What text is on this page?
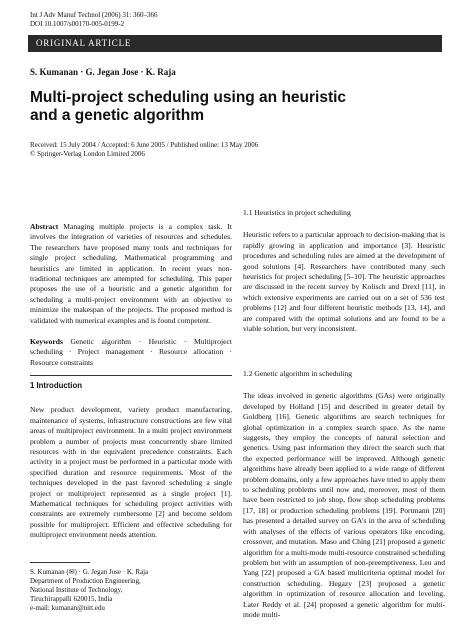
Int J Adv Manuf Technol (2006) 31: 360–366
DOI 10.1007/s00170-005-0199-2
ORIGINAL ARTICLE
S. Kumanan · G. Jegan Jose · K. Raja
Multi-project scheduling using an heuristic
and a genetic algorithm
Received: 15 July 2004 / Accepted: 6 June 2005 / Published online: 13 May 2006
© Springer-Verlag London Limited 2006

Abstract Managing multiple projects is a complex task. It involves the integration of varieties of resources and schedules. The researchers have proposed many tools and techniques for single project scheduling. Mathematical programming and heuristics are limited in application. In recent years non-traditional techniques are attempted for scheduling. This paper proposes the use of a heuristic and a genetic algorithm for scheduling a multi-project environment with an objective to minimize the makespan of the projects. The proposed method is validated with numerical examples and is found competent.

Keywords Genetic algorithm · Heuristic · Multiproject scheduling · Project management · Resource allocation · Resource constraints

1 Introduction

New product development, variety product manufacturing, maintenance of systems, infrastructure constructions are few vital areas of multiproject environment. In a multi project environment problem a number of projects must concurrently share limited resources with in the equivalent precedence constraints. Each activity in a project must be performed in a particular mode with specified duration and resource requirements. Most of the techniques developed in the past favored scheduling a single project or multiproject represented as a single project [1]. Mathematical techniques for scheduling project activities with constraints are extremely cumbersome [2] and become seldom possible for multiproject. Efficient and effective scheduling for multiproject environment needs attention.

S. Kumanan (✉) · G. Jegan Jose · K. Raja

Department of Production Engineering,

National Institute of Technology,

Tiruchirappalli 620015, India

e-mail: kumanan@nitt.edu

1.1 Heuristics in project scheduling

Heuristic refers to a particular approach to decision-making that is rapidly growing in application and importance [3]. Heuristic procedures and scheduling rules are aimed at the development of good solutions [4]. Researchers have contributed many such heuristics for project scheduling [5–10]. The heuristic approaches are discussed in the recent survey by Kolisch and Drexl [11], in which extensive experiments are carried out on a set of 536 test problems [12] and four different heuristic methods [13, 14], and are compared with the optimal solutions and are found to be a viable solution, but very inconsistent.

1.2 Genetic algorithm in scheduling

The ideas involved in genetic algorithms (GAs) were originally developed by Holland [15] and described in greater detail by Goldberg [16]. Genetic algorithms are search techniques for global optimization in a complex search space. As the name suggests, they employ the concepts of natural selection and genetics. Using past information they direct the search such that the expected performance will be improved. Although genetic algorithms have already been applied to a wide range of different problem domains, only a few approaches have tried to apply them to scheduling problems until now and, moreover, most of them have been restricted to job shop, flow shop scheduling problems [17, 18] or production scheduling problems [19]. Portmann [20] has presented a detailed survey on GA's in the area of scheduling with analyses of the effects of various operators like encoding, crossover, and mutation. Maso and Ching [21] proposed a genetic algorithm for a multi-mode multi-resource constrained scheduling problem but with an assumption of non-preemptiveness. Leu and Yang [22] proposed a GA based multicriteria optimal model for construction scheduling. Hegazy [23] proposed a genetic algorithm in optimization of resource allocation and leveling. Later Reddy et al. [24] proposed a genetic algorithm for multi-mode multi-
